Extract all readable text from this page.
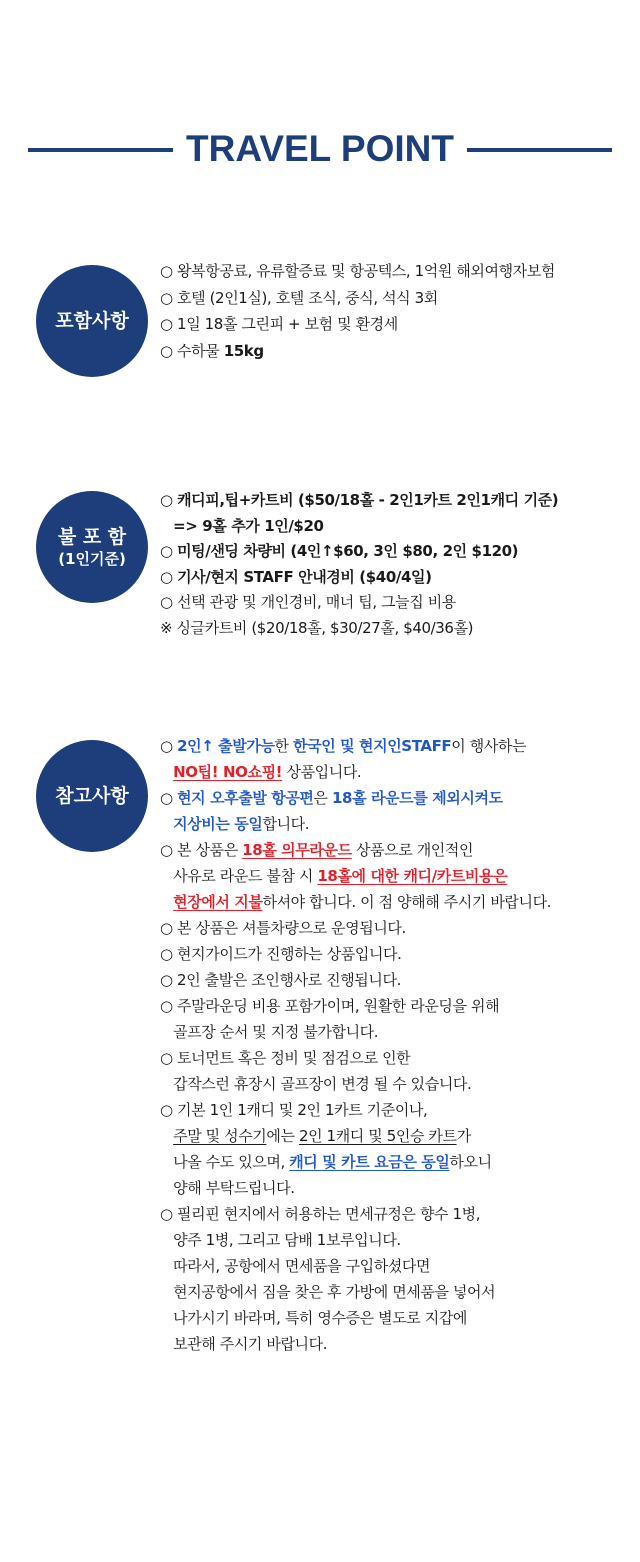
TRAVEL POINT
포함사항
○ 왕복항공료, 유류할증료 및 항공텍스, 1억원 해외여행자보험
○ 호텔 (2인1실), 호텔 조식, 중식, 석식 3회
○ 1일 18홀 그린피 + 보험 및 환경세
○ 수하물 15kg
불 포 함
(1인기준)
○ 캐디피,팁+카트비 ($50/18홀 - 2인1카트 2인1캐디 기준)
=> 9홀 추가 1인/$20
○ 미팅/샌딩 차량비 (4인↑$60, 3인 $80, 2인 $120)
○ 기사/현지 STAFF 안내경비 ($40/4일)
○ 선택 관광 및 개인경비, 매너 팁, 그늘집 비용
※ 싱글카트비 ($20/18홀, $30/27홀, $40/36홀)
참고사항
○ 2인↑ 출발가능한 한국인 및 현지인STAFF이 행사하는
NO팁! NO쇼핑! 상품입니다.
○ 현지 오후출발 항공편은 18홀 라운드를 제외시켜도
지상비는 동일합니다.
○ 본 상품은 18홀 의무라운드 상품으로 개인적인
사유로 라운드 불참 시 18홀에 대한 캐디/카트비용은
현장에서 지불하셔야 합니다. 이 점 양해해 주시기 바랍니다.
○ 본 상품은 셔틀차량으로 운영됩니다.
○ 현지가이드가 진행하는 상품입니다.
○ 2인 출발은 조인행사로 진행됩니다.
○ 주말라운딩 비용 포함가이며, 원활한 라운딩을 위해
골프장 순서 및 지정 불가합니다.
○ 토너먼트 혹은 정비 및 점검으로 인한
갑작스런 휴장시 골프장이 변경 될 수 있습니다.
○ 기본 1인 1캐디 및 2인 1카트 기준이나,
주말 및 성수기에는 2인 1캐디 및 5인승 카트가
나올 수도 있으며, 캐디 및 카트 요금은 동일하오니
양해 부탁드립니다.
○ 필리핀 현지에서 허용하는 면세규정은 향수 1병,
양주 1병, 그리고 담배 1보루입니다.
따라서, 공항에서 면세품을 구입하셨다면
현지공항에서 짐을 찾은 후 가방에 면세품을 넣어서
나가시기 바라며, 특히 영수증은 별도로 지갑에
보관해 주시기 바랍니다.
